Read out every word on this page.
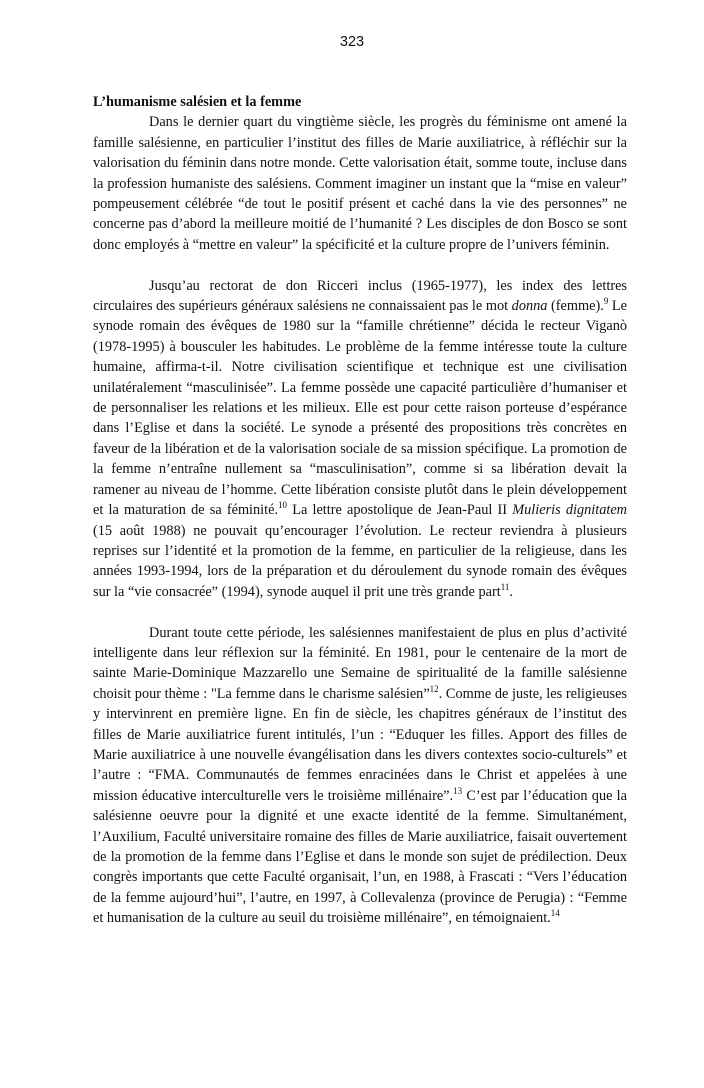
323
L’humanisme salésien et la femme

Dans le dernier quart du vingtième siècle, les progrès du féminisme ont amené la famille salésienne, en particulier l’institut des filles de Marie auxiliatrice, à réfléchir sur la valorisation du féminin dans notre monde. Cette valorisation était, somme toute, incluse dans la profession humaniste des salésiens. Comment imaginer un instant que la “mise en valeur” pompeusement célébrée “de tout le positif présent et caché dans la vie des personnes” ne concerne pas d’abord la meilleure moitié de l’humanité ? Les disciples de don Bosco se sont donc employés à “mettre en valeur” la spécificité et la culture propre de l’univers féminin.

Jusqu’au rectorat de don Ricceri inclus (1965-1977), les index des lettres circulaires des supérieurs généraux salésiens ne connaissaient pas le mot donna (femme).$^9$ Le synode romain des évêques de 1980 sur la “famille chrétienne” décida le recteur Viganò (1978-1995) à bousculer les habitudes. Le problème de la femme intéresse toute la culture humaine, affirma-t-il. Notre civilisation scientifique et technique est une civilisation unilatéralement “masculinisée”. La femme possède une capacité particulière d’humaniser et de personnaliser les relations et les milieux. Elle est pour cette raison porteuse d’espérance dans l’Eglise et dans la société. Le synode a présenté des propositions très concrètes en faveur de la libération et de la valorisation sociale de sa mission spécifique. La promotion de la femme n’entraîne nullement sa “masculinisation”, comme si sa libération devait la ramener au niveau de l’homme. Cette libération consiste plutôt dans le plein développement et la maturation de sa féminité.$^{10}$ La lettre apostolique de Jean-Paul II Mulieris dignitatem (15 août 1988) ne pouvait qu’encourager l’évolution. Le recteur reviendra à plusieurs reprises sur l’identité et la promotion de la femme, en particulier de la religieuse, dans les années 1993-1994, lors de la préparation et du déroulement du synode romain des évêques sur la “vie consacrée” (1994), synode auquel il prit une très grande part$^{11}$.

Durant toute cette période, les salésiennes manifestaient de plus en plus d’activité intelligente dans leur réflexion sur la féminité. En 1981, pour le centenaire de la mort de sainte Marie-Dominique Mazzarello une Semaine de spiritualité de la famille salésienne choisit pour thème : "La femme dans le charisme salésien”$^{12}$. Comme de juste, les religieuses y intervinrent en première ligne. En fin de siècle, les chapitres généraux de l’institut des filles de Marie auxiliatrice furent intitulés, l’un : “Eduquer les filles. Apport des filles de Marie auxiliatrice à une nouvelle évangélisation dans les divers contextes socio-culturels” et l’autre : “FMA. Communautés de femmes enracinées dans le Christ et appelées à une mission éducative interculturelle vers le troisième millénaire”.$^{13}$ C’est par l’éducation que la salésienne oeuvre pour la dignité et une exacte identité de la femme. Simultanément, l’Auxilium, Faculté universitaire romaine des filles de Marie auxiliatrice, faisait ouvertement de la promotion de la femme dans l’Eglise et dans le monde son sujet de prédilection. Deux congrès importants que cette Faculté organisait, l’un, en 1988, à Frascati : “Vers l’éducation de la femme aujourd’hui”, l’autre, en 1997, à Collevalenza (province de Perugia) : “Femme et humanisation de la culture au seuil du troisième millénaire”, en témoignaient.$^{14}$
